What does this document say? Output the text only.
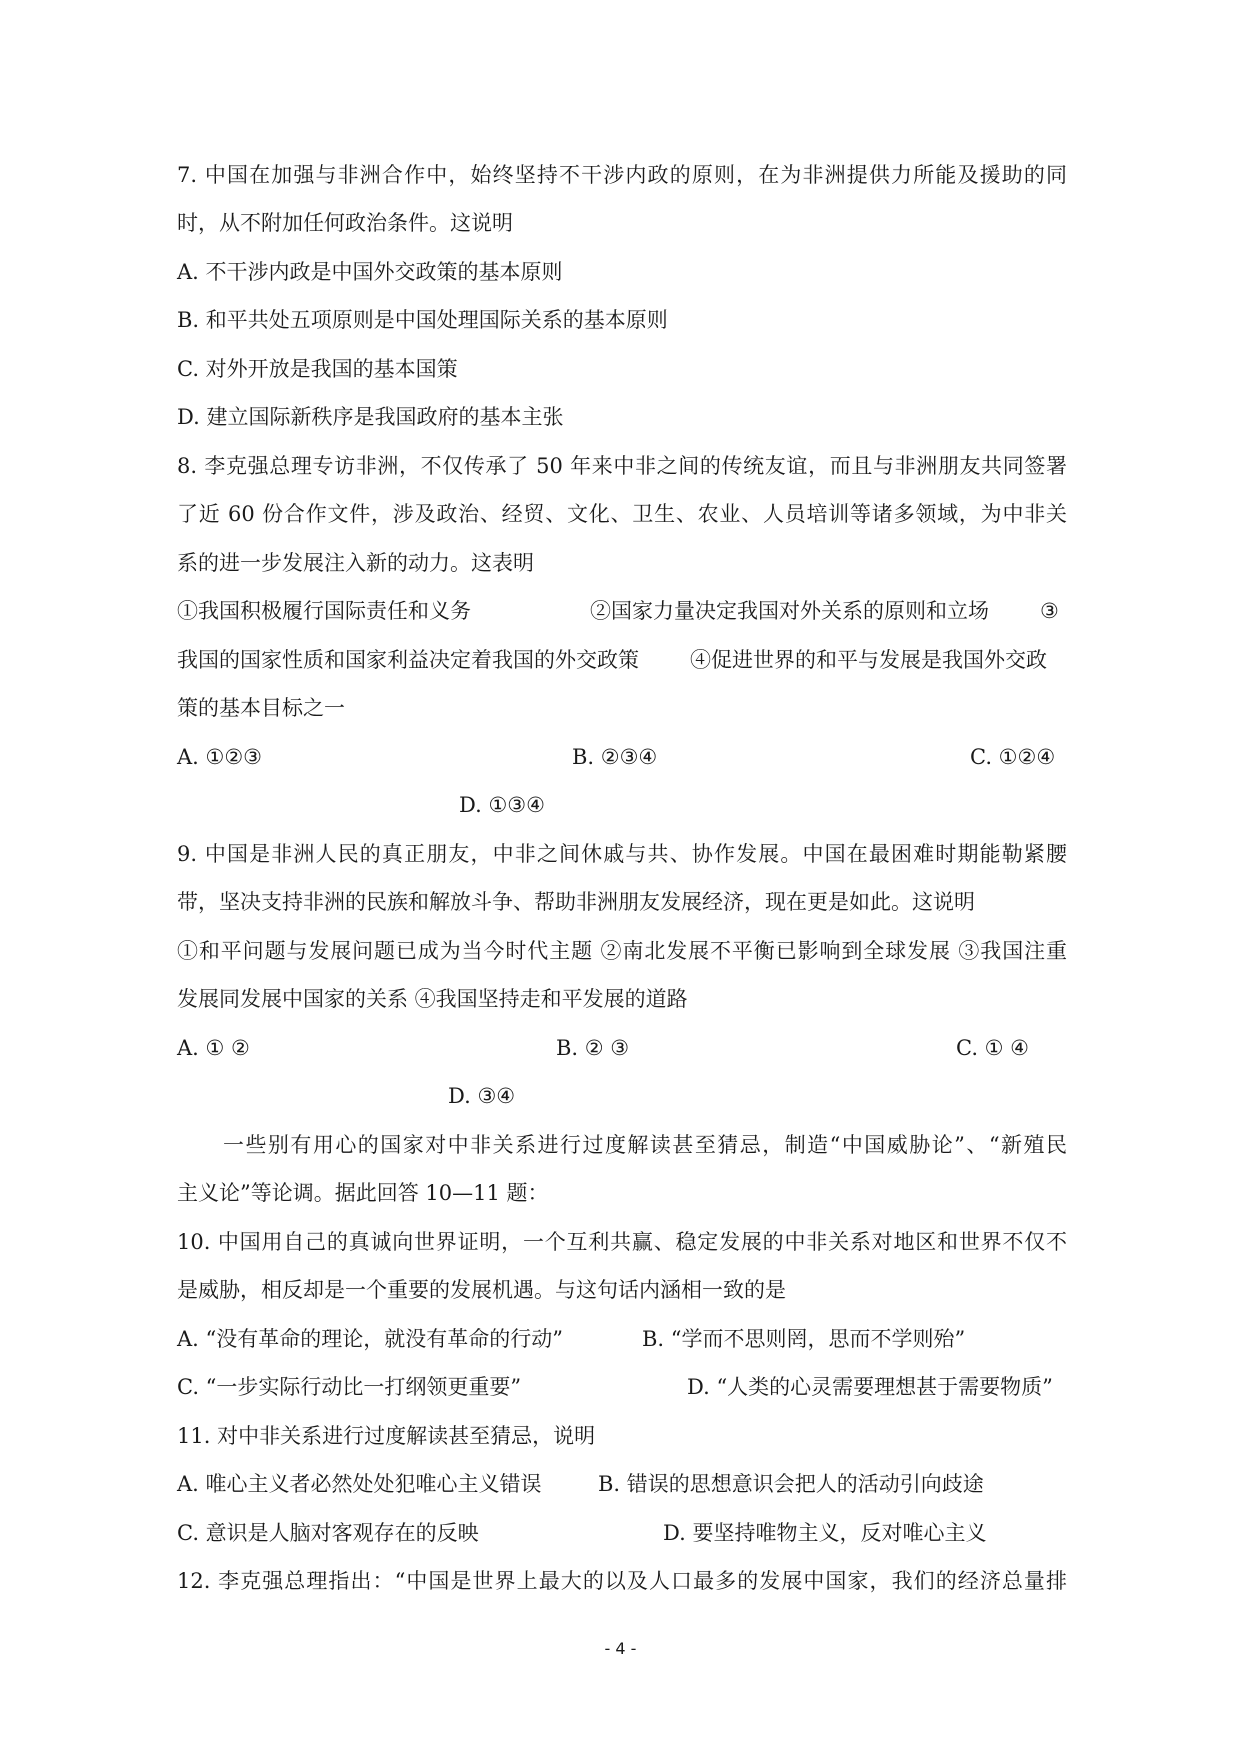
7. 中国在加强与非洲合作中，始终坚持不干涉内政的原则，在为非洲提供力所能及援助的同
时，从不附加任何政治条件。这说明
A. 不干涉内政是中国外交政策的基本原则
B. 和平共处五项原则是中国处理国际关系的基本原则
C. 对外开放是我国的基本国策
D. 建立国际新秩序是我国政府的基本主张
8. 李克强总理专访非洲，不仅传承了 50 年来中非之间的传统友谊，而且与非洲朋友共同签署
了近 60 份合作文件，涉及政治、经贸、文化、卫生、农业、人员培训等诸多领域，为中非关
系的进一步发展注入新的动力。这表明
①我国积极履行国际责任和义务	②国家力量决定我国对外关系的原则和立场 ③
我国的国家性质和国家利益决定着我国的外交政策 ④促进世界的和平与发展是我国外交政
策的基本目标之一
A. ①②③	B. ②③④	C. ①②④
D. ①③④
9. 中国是非洲人民的真正朋友，中非之间休戚与共、协作发展。中国在最困难时期能勒紧腰
带，坚决支持非洲的民族和解放斗争、帮助非洲朋友发展经济，现在更是如此。这说明
①和平问题与发展问题已成为当今时代主题 ②南北发展不平衡已影响到全球发展 ③我国注重
发展同发展中国家的关系 ④我国坚持走和平发展的道路
A. ① ②	B. ② ③	C. ① ④
D. ③④
一些别有用心的国家对中非关系进行过度解读甚至猜忌，制造“中国威胁论”、“新殖民
主义论”等论调。据此回答 10—11 题：
10. 中国用自己的真诚向世界证明，一个互利共赢、稳定发展的中非关系对地区和世界不仅不
是威胁，相反却是一个重要的发展机遇。与这句话内涵相一致的是
A. “没有革命的理论，就没有革命的行动”	B. “学而不思则罔，思而不学则殆”
C. “一步实际行动比一打纲领更重要”	D. “人类的心灵需要理想甚于需要物质”
11. 对中非关系进行过度解读甚至猜忌，说明
A. 唯心主义者必然处处犯唯心主义错误	B. 错误的思想意识会把人的活动引向歧途
C. 意识是人脑对客观存在的反映	D. 要坚持唯物主义，反对唯心主义
12. 李克强总理指出：“中国是世界上最大的以及人口最多的发展中国家，我们的经济总量排
- 4 -
